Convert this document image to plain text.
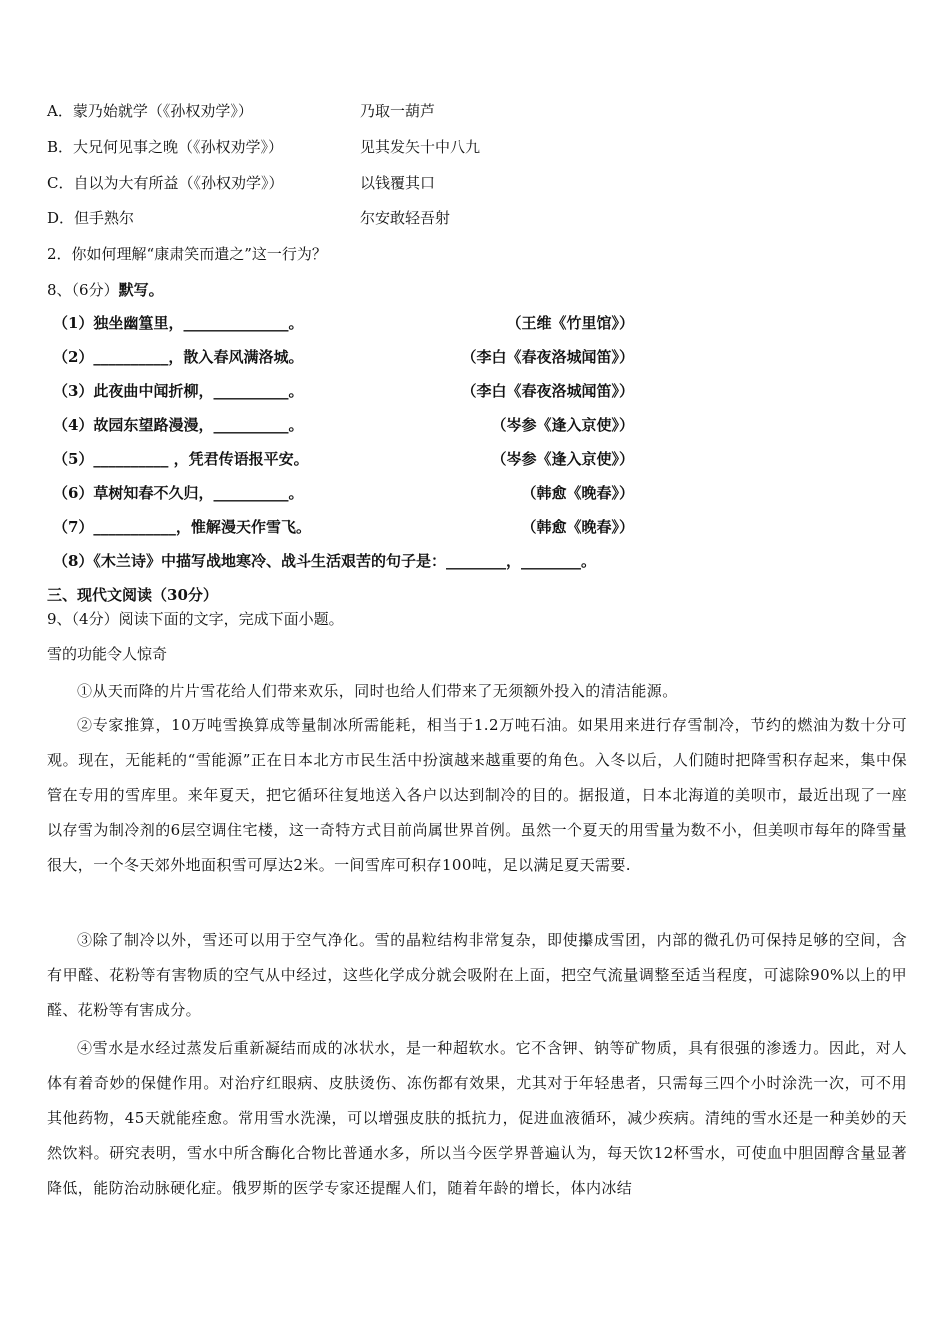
A．蒙乃始就学（《孙权劝学》）	乃取一葫芦
B．大兄何见事之晚（《孙权劝学》）	见其发矢十中八九
C．自以为大有所益（《孙权劝学》）	以钱覆其口
D．但手熟尔	尔安敢轻吾射
2．你如何理解“康肃笑而遣之”这一行为？
8、（6分）默写。
（1）独坐幽篁里，______________。	（王维《竹里馆》）
（2）__________，散入春风满洛城。	（李白《春夜洛城闻笛》）
（3）此夜曲中闻折柳，__________。	（李白《春夜洛城闻笛》）
（4）故园东望路漫漫，__________。	（岑参《逢入京使》）
（5）__________ ，凭君传语报平安。	（岑参《逢入京使》）
（6）草树知春不久归，__________。	（韩愈《晚春》）
（7）___________，惟解漫天作雪飞。	（韩愈《晚春》）
（8）《木兰诗》中描写战地寒冷、战斗生活艰苦的句子是：________，________。
三、现代文阅读（30分）
9、（4分）阅读下面的文字，完成下面小题。
雪的功能令人惊奇
①从天而降的片片雪花给人们带来欢乐，同时也给人们带来了无须额外投入的清洁能源。
②专家推算，10万吨雪换算成等量制冰所需能耗，相当于1.2万吨石油。如果用来进行存雪制冷，节约的燃油为数十分可观。现在，无能耗的“雪能源”正在日本北方市民生活中扮演越来越重要的角色。入冬以后，人们随时把降雪积存起来，集中保管在专用的雪库里。来年夏天，把它循环往复地送入各户以达到制冷的目的。据报道，日本北海道的美呗市，最近出现了一座以存雪为制冷剂的6层空调住宅楼，这一奇特方式目前尚属世界首例。虽然一个夏天的用雪量为数不小，但美呗市每年的降雪量很大，一个冬天郊外地面积雪可厚达2米。一间雪库可积存100吨，足以满足夏天需要.
③除了制冷以外，雪还可以用于空气净化。雪的晶粒结构非常复杂，即使攥成雪团，内部的微孔仍可保持足够的空间，含有甲醛、花粉等有害物质的空气从中经过，这些化学成分就会吸附在上面，把空气流量调整至适当程度，可滤除90%以上的甲醛、花粉等有害成分。
④雪水是水经过蒸发后重新凝结而成的冰状水，是一种超软水。它不含钾、钠等矿物质，具有很强的渗透力。因此，对人体有着奇妙的保健作用。对治疗红眼病、皮肤烫伤、冻伤都有效果，尤其对于年轻患者，只需每三四个小时涂洗一次，可不用其他药物，45天就能痊愈。常用雪水洗澡，可以增强皮肤的抵抗力，促进血液循环，减少疾病。清纯的雪水还是一种美妙的天然饮料。研究表明，雪水中所含酶化合物比普通水多，所以当今医学界普遍认为，每天饮12杯雪水，可使血中胆固醇含量显著降低，能防治动脉硬化症。俄罗斯的医学专家还提醒人们，随着年龄的增长，体内冰结
